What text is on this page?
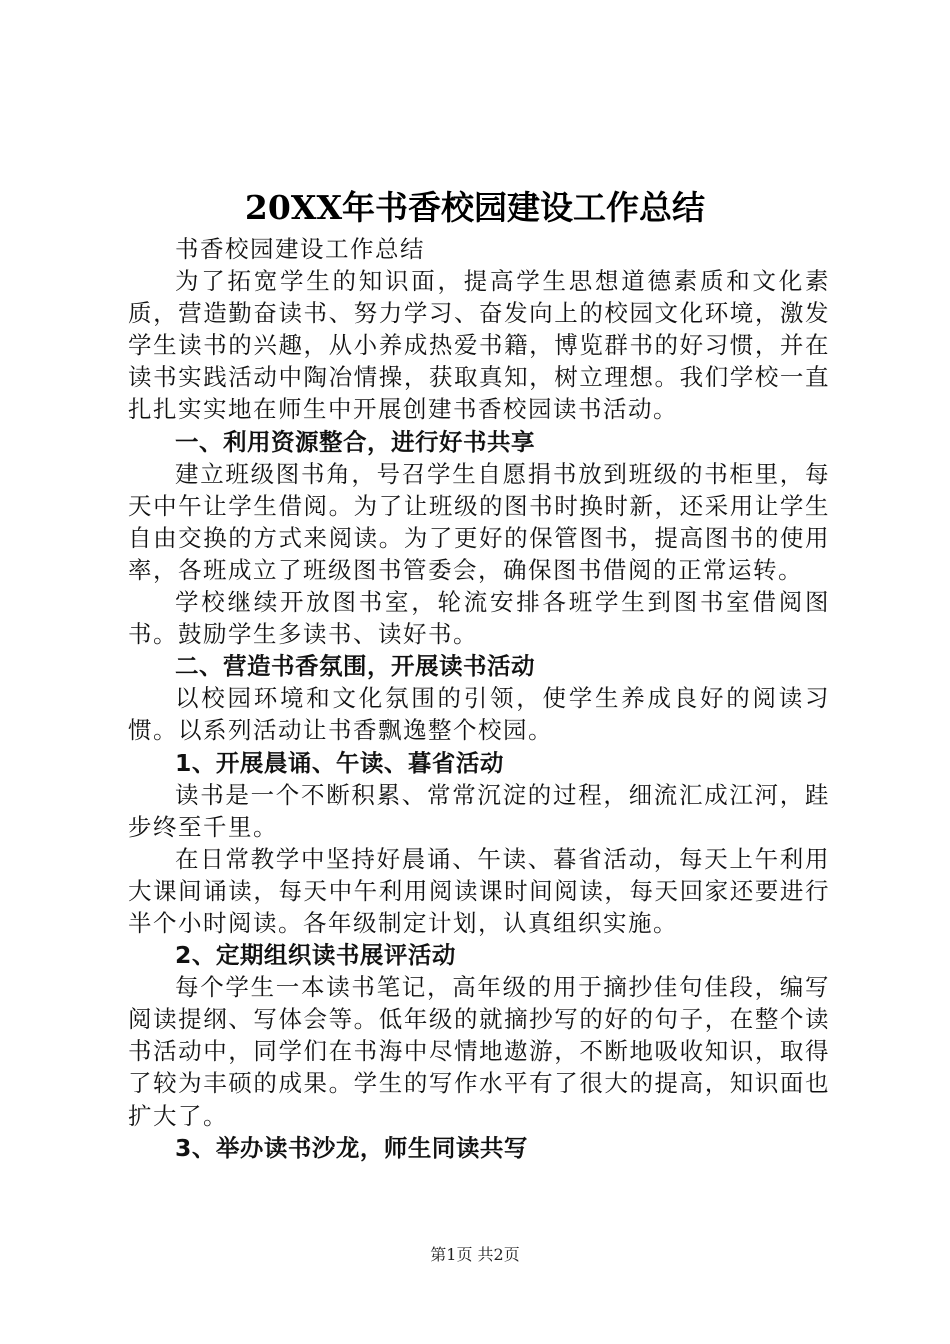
20XX年书香校园建设工作总结

书香校园建设工作总结

为了拓宽学生的知识面，提高学生思想道德素质和文化素质，营造勤奋读书、努力学习、奋发向上的校园文化环境，激发学生读书的兴趣，从小养成热爱书籍，博览群书的好习惯，并在读书实践活动中陶冶情操，获取真知，树立理想。我们学校一直扎扎实实地在师生中开展创建书香校园读书活动。

一、利用资源整合，进行好书共享

建立班级图书角，号召学生自愿捐书放到班级的书柜里，每天中午让学生借阅。为了让班级的图书时换时新，还采用让学生自由交换的方式来阅读。为了更好的保管图书，提高图书的使用率，各班成立了班级图书管委会，确保图书借阅的正常运转。

学校继续开放图书室，轮流安排各班学生到图书室借阅图书。鼓励学生多读书、读好书。

二、营造书香氛围，开展读书活动

以校园环境和文化氛围的引领，使学生养成良好的阅读习惯。以系列活动让书香飘逸整个校园。

1、开展晨诵、午读、暮省活动

读书是一个不断积累、常常沉淀的过程，细流汇成江河，跬步终至千里。

在日常教学中坚持好晨诵、午读、暮省活动，每天上午利用大课间诵读，每天中午利用阅读课时间阅读，每天回家还要进行半个小时阅读。各年级制定计划，认真组织实施。

2、定期组织读书展评活动

每个学生一本读书笔记，高年级的用于摘抄佳句佳段，编写阅读提纲、写体会等。低年级的就摘抄写的好的句子，在整个读书活动中，同学们在书海中尽情地遨游，不断地吸收知识，取得了较为丰硕的成果。学生的写作水平有了很大的提高，知识面也扩大了。

3、举办读书沙龙，师生同读共写

第1页 共2页
